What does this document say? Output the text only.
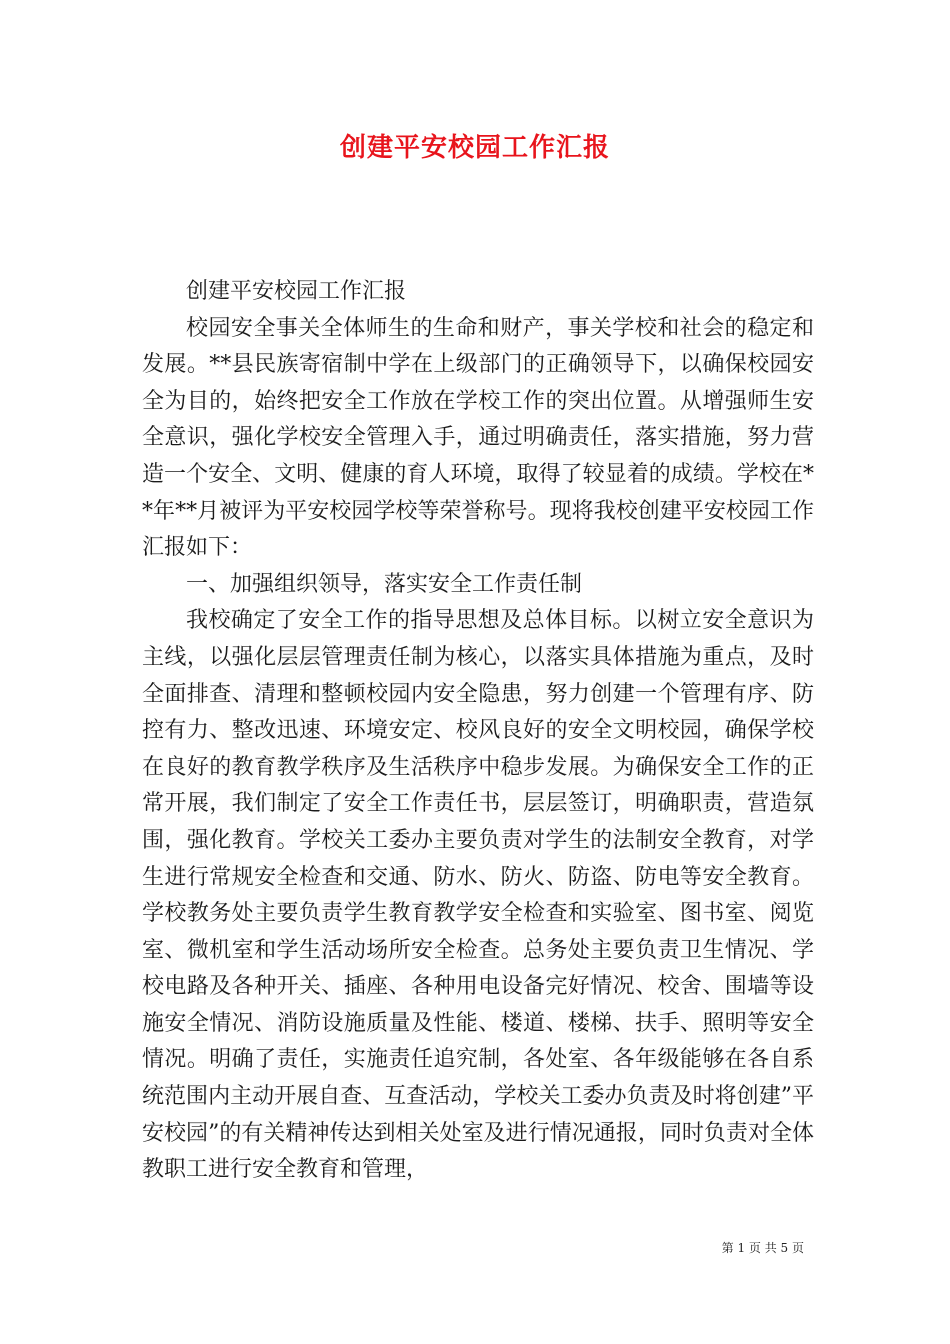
创建平安校园工作汇报

创建平安校园工作汇报

校园安全事关全体师生的生命和财产，事关学校和社会的稳定和发展。**县民族寄宿制中学在上级部门的正确领导下，以确保校园安全为目的，始终把安全工作放在学校工作的突出位置。从增强师生安全意识，强化学校安全管理入手，通过明确责任，落实措施，努力营造一个安全、文明、健康的育人环境，取得了较显着的成绩。学校在**年**月被评为平安校园学校等荣誉称号。现将我校创建平安校园工作汇报如下：

一、加强组织领导，落实安全工作责任制

我校确定了安全工作的指导思想及总体目标。以树立安全意识为主线，以强化层层管理责任制为核心，以落实具体措施为重点，及时全面排查、清理和整顿校园内安全隐患，努力创建一个管理有序、防控有力、整改迅速、环境安定、校风良好的安全文明校园，确保学校在良好的教育教学秩序及生活秩序中稳步发展。为确保安全工作的正常开展，我们制定了安全工作责任书，层层签订，明确职责，营造氛围，强化教育。学校关工委办主要负责对学生的法制安全教育，对学生进行常规安全检查和交通、防水、防火、防盗、防电等安全教育。学校教务处主要负责学生教育教学安全检查和实验室、图书室、阅览室、微机室和学生活动场所安全检查。总务处主要负责卫生情况、学校电路及各种开关、插座、各种用电设备完好情况、校舍、围墙等设施安全情况、消防设施质量及性能、楼道、楼梯、扶手、照明等安全情况。明确了责任，实施责任追究制，各处室、各年级能够在各自系统范围内主动开展自查、互查活动，学校关工委办负责及时将创建”平安校园”的有关精神传达到相关处室及进行情况通报，同时负责对全体教职工进行安全教育和管理，

第 1 页 共 5 页
